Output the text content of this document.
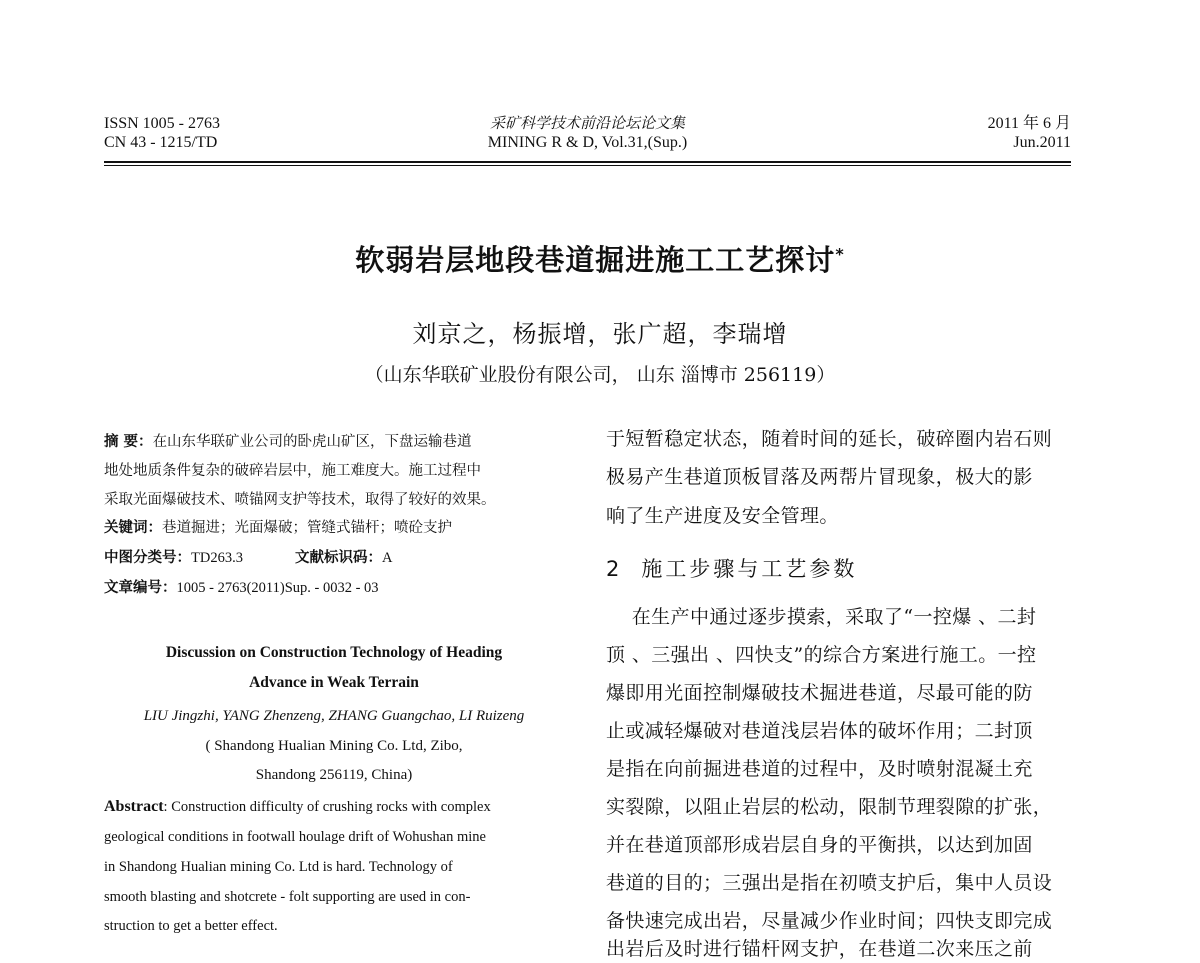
ISSN 1005 - 2763
CN 43 - 1215/TD
采矿科学技术前沿论坛论文集
MINING R & D, Vol.31,(Sup.)
2011 年 6 月
Jun.2011
软弱岩层地段巷道掘进施工工艺探讨*
刘京之，杨振增，张广超，李瑞增
（山东华联矿业股份有限公司， 山东 淄博市 256119）
摘 要：在山东华联矿业公司的卧虎山矿区，下盘运输巷道
地处地质条件复杂的破碎岩层中，施工难度大。施工过程中
采取光面爆破技术、喷锚网支护等技术，取得了较好的效果。
关键词：巷道掘进；光面爆破；管缝式锚杆；喷砼支护
中图分类号：TD263.3	文献标识码：A
文章编号：1005 - 2763(2011)Sup. - 0032 - 03
Discussion on Construction Technology of Heading
Advance in Weak Terrain
LIU Jingzhi, YANG Zhenzeng, ZHANG Guangchao, LI Ruizeng
( Shandong Hualian Mining Co. Ltd, Zibo,
Shandong 256119, China)
Abstract: Construction difficulty of crushing rocks with complex
geological conditions in footwall houlage drift of Wohushan mine
in Shandong Hualian mining Co. Ltd is hard. Technology of
smooth blasting and shotcrete - folt supporting are used in con-
struction to get a better effect.
于短暂稳定状态，随着时间的延长，破碎圈内岩石则
极易产生巷道顶板冒落及两帮片冒现象，极大的影
响了生产进度及安全管理。
2 施工步骤与工艺参数
在生产中通过逐步摸索，采取了“一控爆 、二封
顶 、三强出 、四快支”的综合方案进行施工。一控
爆即用光面控制爆破技术掘进巷道，尽最可能的防
止或减轻爆破对巷道浅层岩体的破坏作用；二封顶
是指在向前掘进巷道的过程中，及时喷射混凝土充
实裂隙，以阻止岩层的松动，限制节理裂隙的扩张，
并在巷道顶部形成岩层自身的平衡拱，以达到加固
巷道的目的；三强出是指在初喷支护后，集中人员设
备快速完成出岩，尽量减少作业时间；四快支即完成
出岩后及时进行锚杆网支护，在巷道二次来压之前
